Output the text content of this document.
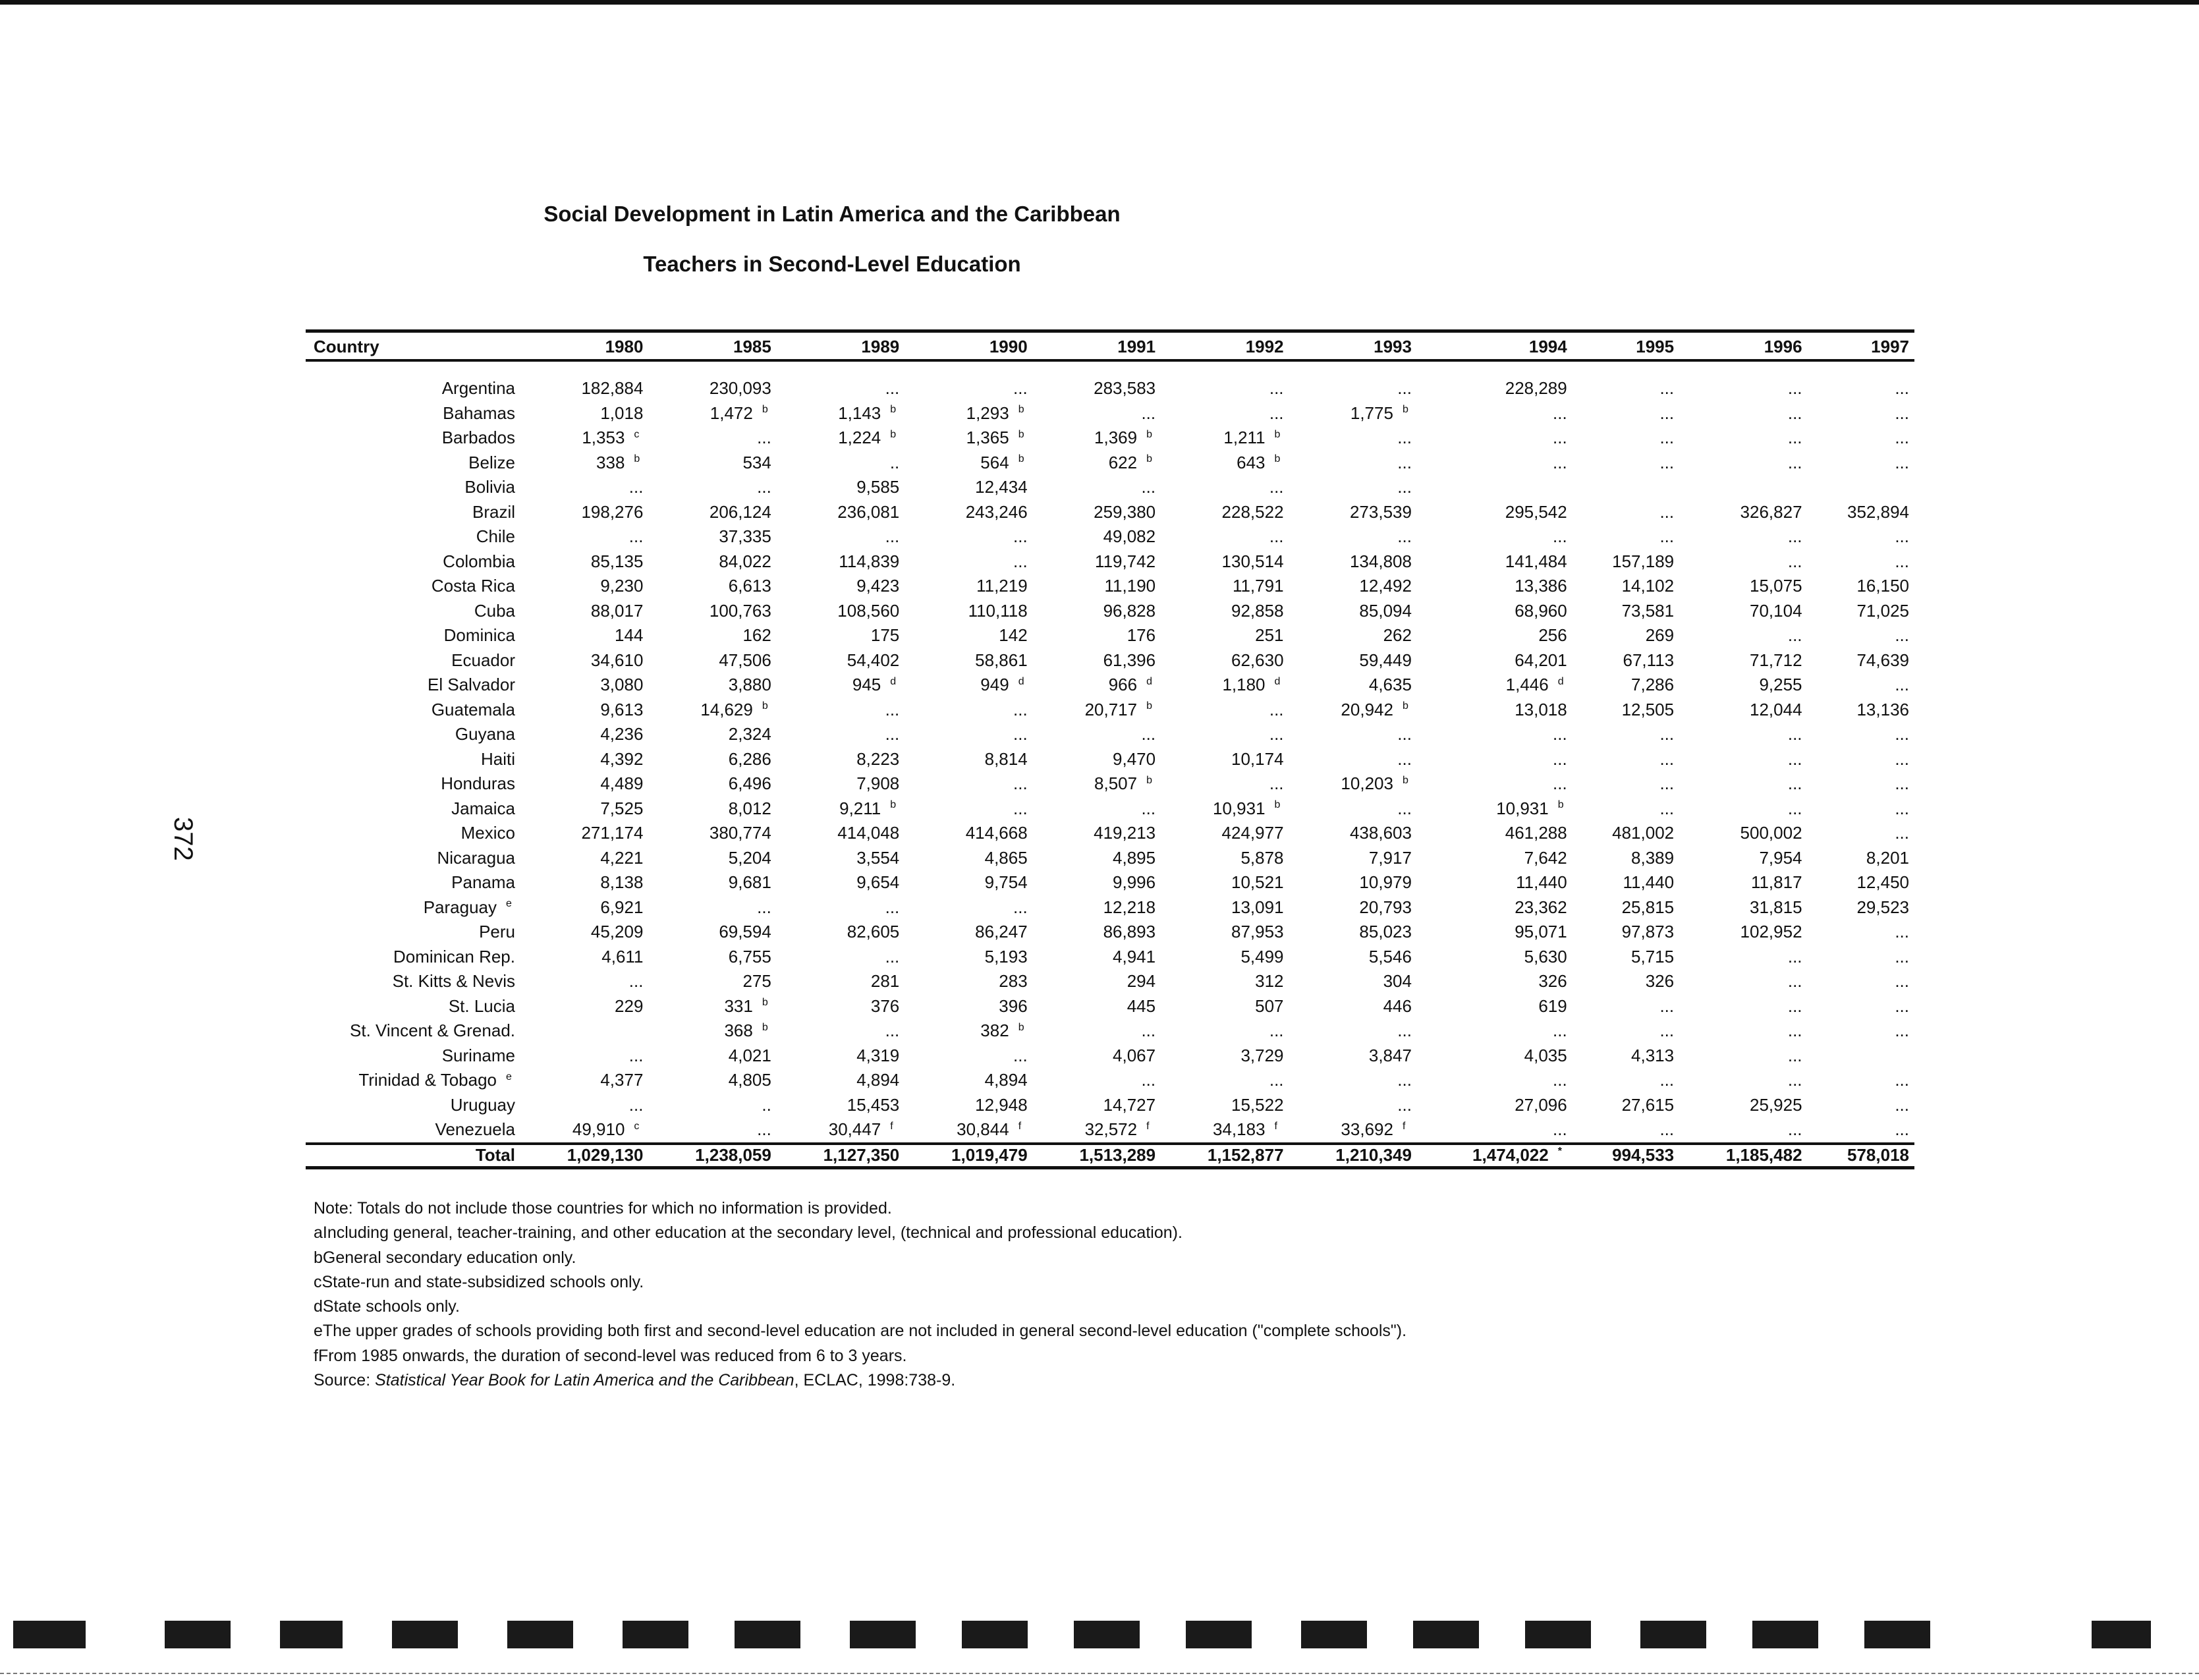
372
Social Development in Latin America and the Caribbean
Teachers in Second-Level Education
Country	1980	1985	1989	1990	1991	1992	1993	1994	1995	1996	1997

Argentina	182,884	230,093	...	...	283,583	...	...	228,289	...	...	...
Bahamas	1,018	1,472 $^b$	1,143 $^b$	1,293 $^b$	...	...	1,775 $^b$	...	...	...	...
Barbados	1,353 $^c$	...	1,224 $^b$	1,365 $^b$	1,369 $^b$	1,211 $^b$	...	...	...	...	...
Belize	338 $^b$	534	..	564 $^b$	622 $^b$	643 $^b$	...	...	...	...	...
Bolivia	...	...	9,585	12,434	...	...	...				
Brazil	198,276	206,124	236,081	243,246	259,380	228,522	273,539	295,542	...	326,827	352,894
Chile	...	37,335	...	...	49,082	...	...	...	...	...	...
Colombia	85,135	84,022	114,839	...	119,742	130,514	134,808	141,484	157,189	...	...
Costa Rica	9,230	6,613	9,423	11,219	11,190	11,791	12,492	13,386	14,102	15,075	16,150
Cuba	88,017	100,763	108,560	110,118	96,828	92,858	85,094	68,960	73,581	70,104	71,025
Dominica	144	162	175	142	176	251	262	256	269	...	...
Ecuador	34,610	47,506	54,402	58,861	61,396	62,630	59,449	64,201	67,113	71,712	74,639
El Salvador	3,080	3,880	945 $^d$	949 $^d$	966 $^d$	1,180 $^d$	4,635	1,446 $^d$	7,286	9,255	...
Guatemala	9,613	14,629 $^b$	...	...	20,717 $^b$	...	20,942 $^b$	13,018	12,505	12,044	13,136
Guyana	4,236	2,324	...	...	...	...	...	...	...	...	...
Haiti	4,392	6,286	8,223	8,814	9,470	10,174	...	...	...	...	...
Honduras	4,489	6,496	7,908	...	8,507 $^b$	...	10,203 $^b$	...	...	...	...
Jamaica	7,525	8,012	9,211 $^b$	...	...	10,931 $^b$	...	10,931 $^b$	...	...	...
Mexico	271,174	380,774	414,048	414,668	419,213	424,977	438,603	461,288	481,002	500,002	...
Nicaragua	4,221	5,204	3,554	4,865	4,895	5,878	7,917	7,642	8,389	7,954	8,201
Panama	8,138	9,681	9,654	9,754	9,996	10,521	10,979	11,440	11,440	11,817	12,450
Paraguay $^e$	6,921	...	...	...	12,218	13,091	20,793	23,362	25,815	31,815	29,523
Peru	45,209	69,594	82,605	86,247	86,893	87,953	85,023	95,071	97,873	102,952	...
Dominican Rep.	4,611	6,755	...	5,193	4,941	5,499	5,546	5,630	5,715	...	...
St. Kitts & Nevis	...	275	281	283	294	312	304	326	326	...	...
St. Lucia	229	331 $^b$	376	396	445	507	446	619	...	...	...
St. Vincent & Grenad.		368 $^b$	...	382 $^b$	...	...	...	...	...	...	...
Suriname	...	4,021	4,319	...	4,067	3,729	3,847	4,035	4,313	...	
Trinidad & Tobago $^e$	4,377	4,805	4,894	4,894	...	...	...	...	...	...	...
Uruguay	...	..	15,453	12,948	14,727	15,522	...	27,096	27,615	25,925	...
Venezuela	49,910 $^c$	...	30,447 $^f$	30,844 $^f$	32,572 $^f$	34,183 $^f$	33,692 $^f$	...	...	...	...
Total	1,029,130	1,238,059	1,127,350	1,019,479	1,513,289	1,152,877	1,210,349	1,474,022 *	994,533	1,185,482	578,018
Note: Totals do not include those countries for which no information is provided.
aIncluding general, teacher-training, and other education at the secondary level, (technical and professional education).
bGeneral secondary education only.
cState-run and state-subsidized schools only.
dState schools only.
eThe upper grades of schools providing both first and second-level education are not included in general second-level education ("complete schools").
fFrom 1985 onwards, the duration of second-level was reduced from 6 to 3 years.
Source: Statistical Year Book for Latin America and the Caribbean, ECLAC, 1998:738-9.
